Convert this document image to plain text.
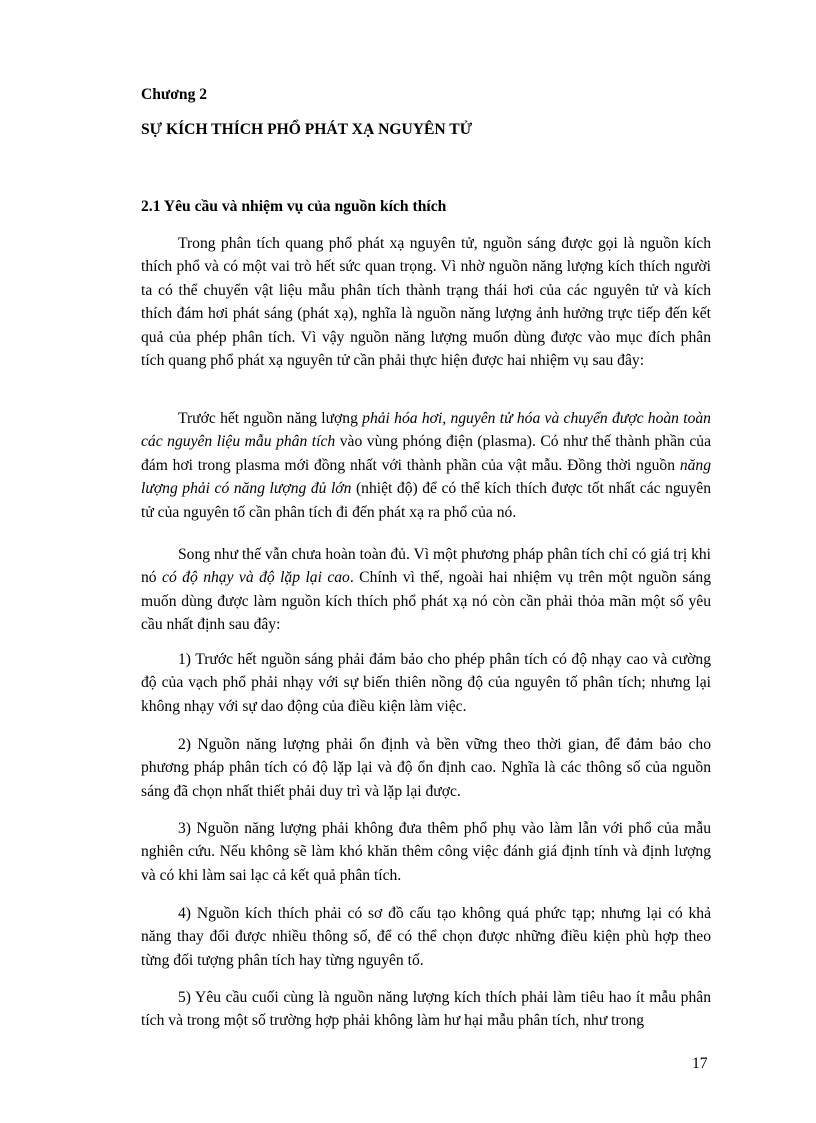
Chương 2
SỰ KÍCH THÍCH PHỔ PHÁT XẠ NGUYÊN TỬ
2.1 Yêu cầu và nhiệm vụ của nguồn kích thích

Trong phân tích quang phổ phát xạ nguyên tử, nguồn sáng được gọi là nguồn kích thích phổ và có một vai trò hết sức quan trọng. Vì nhờ nguồn năng lượng kích thích người ta có thể chuyển vật liệu mẫu phân tích thành trạng thái hơi của các nguyên tử và kích thích đám hơi phát sáng (phát xạ), nghĩa là nguồn năng lượng ảnh hưởng trực tiếp đến kết quả của phép phân tích. Vì vậy nguồn năng lượng muốn dùng được vào mục đích phân tích quang phổ phát xạ nguyên tử cần phải thực hiện được hai nhiệm vụ sau đây:

Trước hết nguồn năng lượng phải hóa hơi, nguyên tử hóa và chuyển được hoàn toàn các nguyên liệu mẫu phân tích vào vùng phóng điện (plasma). Có như thế thành phần của đám hơi trong plasma mới đồng nhất với thành phần của vật mẫu. Đồng thời nguồn năng lượng phải có năng lượng đủ lớn (nhiệt độ) để có thể kích thích được tốt nhất các nguyên tử của nguyên tố cần phân tích đi đến phát xạ ra phổ của nó.

Song như thế vẫn chưa hoàn toàn đủ. Vì một phương pháp phân tích chỉ có giá trị khi nó có độ nhạy và độ lặp lại cao. Chính vì thế, ngoài hai nhiệm vụ trên một nguồn sáng muốn dùng được làm nguồn kích thích phổ phát xạ nó còn cần phải thỏa mãn một số yêu cầu nhất định sau đây:

1) Trước hết nguồn sáng phải đảm bảo cho phép phân tích có độ nhạy cao và cường độ của vạch phổ phải nhạy với sự biến thiên nồng độ của nguyên tố phân tích; nhưng lại không nhạy với sự dao động của điều kiện làm việc.

2) Nguồn năng lượng phải ổn định và bền vững theo thời gian, để đảm bảo cho phương pháp phân tích có độ lặp lại và độ ổn định cao. Nghĩa là các thông số của nguồn sáng đã chọn nhất thiết phải duy trì và lặp lại được.

3) Nguồn năng lượng phải không đưa thêm phổ phụ vào làm lẫn với phổ của mẫu nghiên cứu. Nếu không sẽ làm khó khăn thêm công việc đánh giá định tính và định lượng và có khi làm sai lạc cả kết quả phân tích.

4) Nguồn kích thích phải có sơ đồ cấu tạo không quá phức tạp; nhưng lại có khả năng thay đổi được nhiều thông số, để có thể chọn được những điều kiện phù hợp theo từng đối tượng phân tích hay từng nguyên tố.

5) Yêu cầu cuối cùng là nguồn năng lượng kích thích phải làm tiêu hao ít mẫu phân tích và trong một số trường hợp phải không làm hư hại mẫu phân tích, như trong

17
